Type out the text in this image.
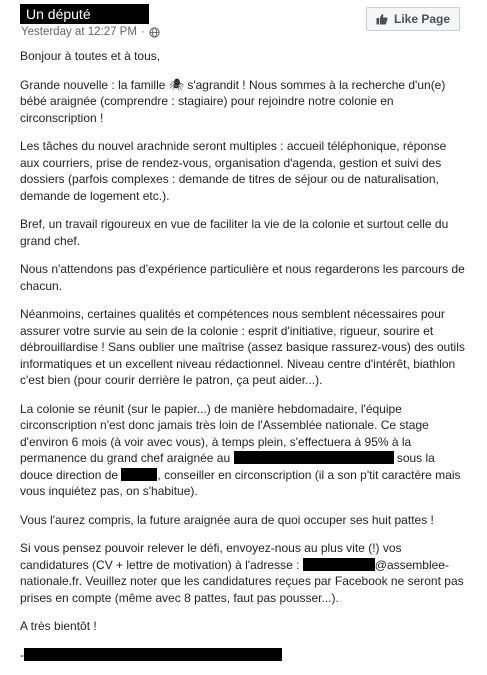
Un député
Yesterday at 12:27 PM ·
Like Page

Bonjour à toutes et à tous,

Grande nouvelle : la famille 🕷 s'agrandit ! Nous sommes à la recherche d'un(e) bébé araignée (comprendre : stagiaire) pour rejoindre notre colonie en circonscription !

Les tâches du nouvel arachnide seront multiples : accueil téléphonique, réponse aux courriers, prise de rendez-vous, organisation d'agenda, gestion et suivi des dossiers (parfois complexes : demande de titres de séjour ou de naturalisation, demande de logement etc.).

Bref, un travail rigoureux en vue de faciliter la vie de la colonie et surtout celle du grand chef.

Nous n'attendons pas d'expérience particulière et nous regarderons les parcours de chacun.

Néanmoins, certaines qualités et compétences nous semblent nécessaires pour assurer votre survie au sein de la colonie : esprit d'initiative, rigueur, sourire et débrouillardise ! Sans oublier une maîtrise (assez basique rassurez-vous) des outils informatiques et un excellent niveau rédactionnel. Niveau centre d'intérêt, biathlon c'est bien (pour courir derrière le patron, ça peut aider...).

La colonie se réunit (sur le papier...) de manière hebdomadaire, l'équipe circonscription n'est donc jamais très loin de l'Assemblée nationale. Ce stage d'environ 6 mois (à voir avec vous), à temps plein, s'effectuera à 95% à la permanence du grand chef araignée au	sous la douce direction de	, conseiller en circonscription (il a son p'tit caractère mais vous inquiétez pas, on s'habitue).

Vous l'aurez compris, la future araignée aura de quoi occuper ses huit pattes !

Si vous pensez pouvoir relever le défi, envoyez-nous au plus vite (!) vos candidatures (CV + lettre de motivation) à l'adresse :	@assemblee-nationale.fr. Veuillez noter que les candidatures reçues par Facebook ne seront pas prises en compte (même avec 8 pattes, faut pas pousser...).

A très bientôt !

-
